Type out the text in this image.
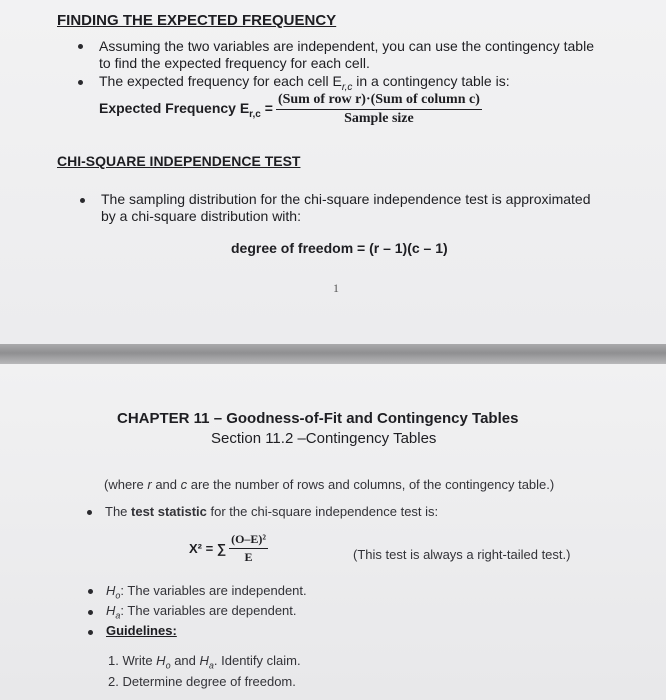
FINDING THE EXPECTED FREQUENCY
Assuming the two variables are independent, you can use the contingency table
to find the expected frequency for each cell.
The expected frequency for each cell $E_{r,c}$ in a contingency table is:
Expected Frequency $E_{r,c} = \frac{\text{(Sum of row r)·(Sum of column c)}}{\text{Sample size}}$
CHI-SQUARE INDEPENDENCE TEST
The sampling distribution for the chi-square independence test is approximated
by a chi-square distribution with:
degree of freedom = (r – 1)(c – 1)
1
CHAPTER 11 – Goodness-of-Fit and Contingency Tables
Section 11.2 –Contingency Tables
(where r and c are the number of rows and columns, of the contingency table.)
The test statistic for the chi-square independence test is:
X² = ∑ $\frac{\text{(O–E)²}}{E}$	(This test is always a right-tailed test.)
$H_o$: The variables are independent.
$H_a$: The variables are dependent.
Guidelines:
1. Write $H_o$ and $H_a$. Identify claim.
2. Determine degree of freedom.
